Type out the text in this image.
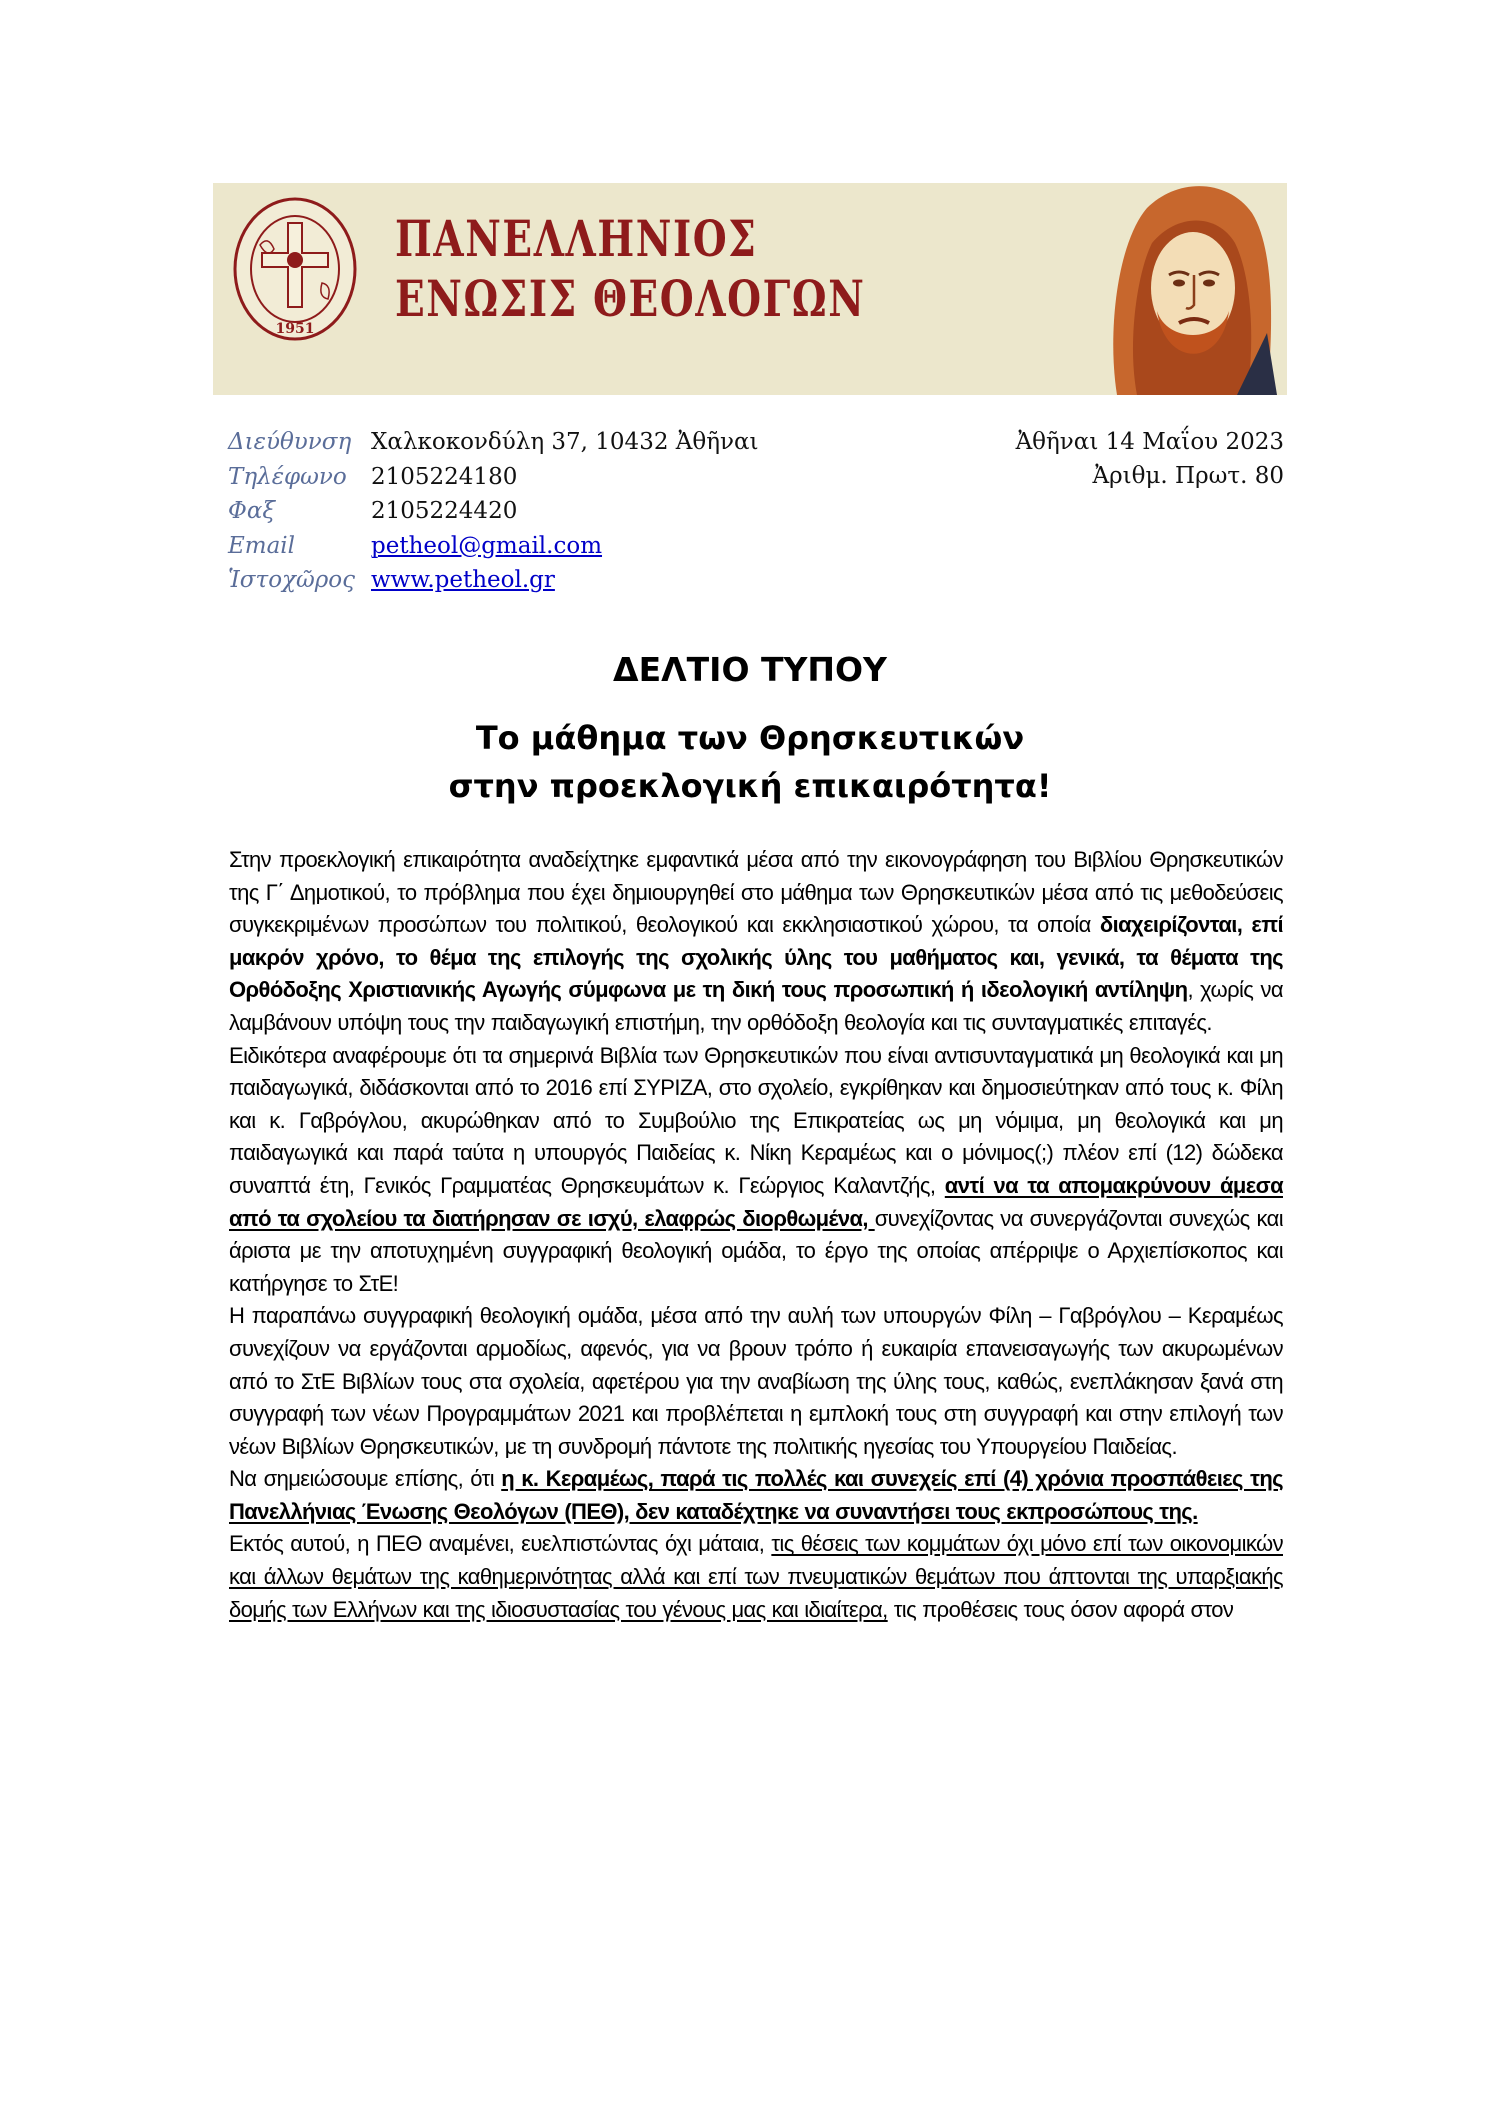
1951
ΠΑΝΕΛΛΗΝΙΟΣ
ΕΝΩΣΙΣ ΘΕΟΛΟΓΩΝ
Διεύθυνση Χαλκοκονδύλη 37, 10432 Ἀθῆναι
Τηλέφωνο	2105224180
Φαξ	2105224420
Email	petheol@gmail.com
Ἱστοχῶρος www.petheol.gr
Ἀθῆναι 14 Μαΐου 2023
Ἀριθμ. Πρωτ. 80
ΔΕΛΤΙΟ ΤΥΠΟΥ
Το μάθημα των Θρησκευτικών
στην προεκλογική επικαιρότητα!

Στην προεκλογική επικαιρότητα αναδείχτηκε εμφαντικά μέσα από την εικονογράφηση του Βιβλίου Θρησκευτικών της Γ΄ Δημοτικού, το πρόβλημα που έχει δημιουργηθεί στο μάθημα των Θρησκευτικών μέσα από τις μεθοδεύσεις συγκεκριμένων προσώπων του πολιτικού, θεολογικού και εκκλησιαστικού χώρου, τα οποία διαχειρίζονται, επί μακρόν χρόνο, το θέμα της επιλογής της σχολικής ύλης του μαθήματος και, γενικά, τα θέματα της Ορθόδοξης Χριστιανικής Αγωγής σύμφωνα με τη δική τους προσωπική ή ιδεολογική αντίληψη, χωρίς να λαμβάνουν υπόψη τους την παιδαγωγική επιστήμη, την ορθόδοξη θεολογία και τις συνταγματικές επιταγές.

Ειδικότερα αναφέρουμε ότι τα σημερινά Βιβλία των Θρησκευτικών που είναι αντισυνταγματικά μη θεολογικά και μη παιδαγωγικά, διδάσκονται από το 2016 επί ΣΥΡΙΖΑ, στο σχολείο, εγκρίθηκαν και δημοσιεύτηκαν από τους κ. Φίλη και κ. Γαβρόγλου, ακυρώθηκαν από το Συμβούλιο της Επικρατείας ως μη νόμιμα, μη θεολογικά και μη παιδαγωγικά και παρά ταύτα η υπουργός Παιδείας κ. Νίκη Κεραμέως και ο μόνιμος(;) πλέον επί (12) δώδεκα συναπτά έτη, Γενικός Γραμματέας Θρησκευμάτων κ. Γεώργιος Καλαντζής, αντί να τα απομακρύνουν άμεσα από τα σχολείου τα διατήρησαν σε ισχύ, ελαφρώς διορθωμένα, συνεχίζοντας να συνεργάζονται συνεχώς και άριστα με την αποτυχημένη συγγραφική θεολογική ομάδα, το έργο της οποίας απέρριψε ο Αρχιεπίσκοπος και κατήργησε το ΣτΕ!

Η παραπάνω συγγραφική θεολογική ομάδα, μέσα από την αυλή των υπουργών Φίλη – Γαβρόγλου – Κεραμέως συνεχίζουν να εργάζονται αρμοδίως, αφενός, για να βρουν τρόπο ή ευκαιρία επανεισαγωγής των ακυρωμένων από το ΣτΕ Βιβλίων τους στα σχολεία, αφετέρου για την αναβίωση της ύλης τους, καθώς, ενεπλάκησαν ξανά στη συγγραφή των νέων Προγραμμάτων 2021 και προβλέπεται η εμπλοκή τους στη συγγραφή και στην επιλογή των νέων Βιβλίων Θρησκευτικών, με τη συνδρομή πάντοτε της πολιτικής ηγεσίας του Υπουργείου Παιδείας.

Να σημειώσουμε επίσης, ότι η κ. Κεραμέως, παρά τις πολλές και συνεχείς επί (4) χρόνια προσπάθειες της Πανελλήνιας Ένωσης Θεολόγων (ΠΕΘ), δεν καταδέχτηκε να συναντήσει τους εκπροσώπους της.

Εκτός αυτού, η ΠΕΘ αναμένει, ευελπιστώντας όχι μάταια, τις θέσεις των κομμάτων όχι μόνο επί των οικονομικών και άλλων θεμάτων της καθημερινότητας αλλά και επί των πνευματικών θεμάτων που άπτονται της υπαρξιακής δομής των Ελλήνων και της ιδιοσυστασίας του γένους μας και ιδιαίτερα, τις προθέσεις τους όσον αφορά στον
